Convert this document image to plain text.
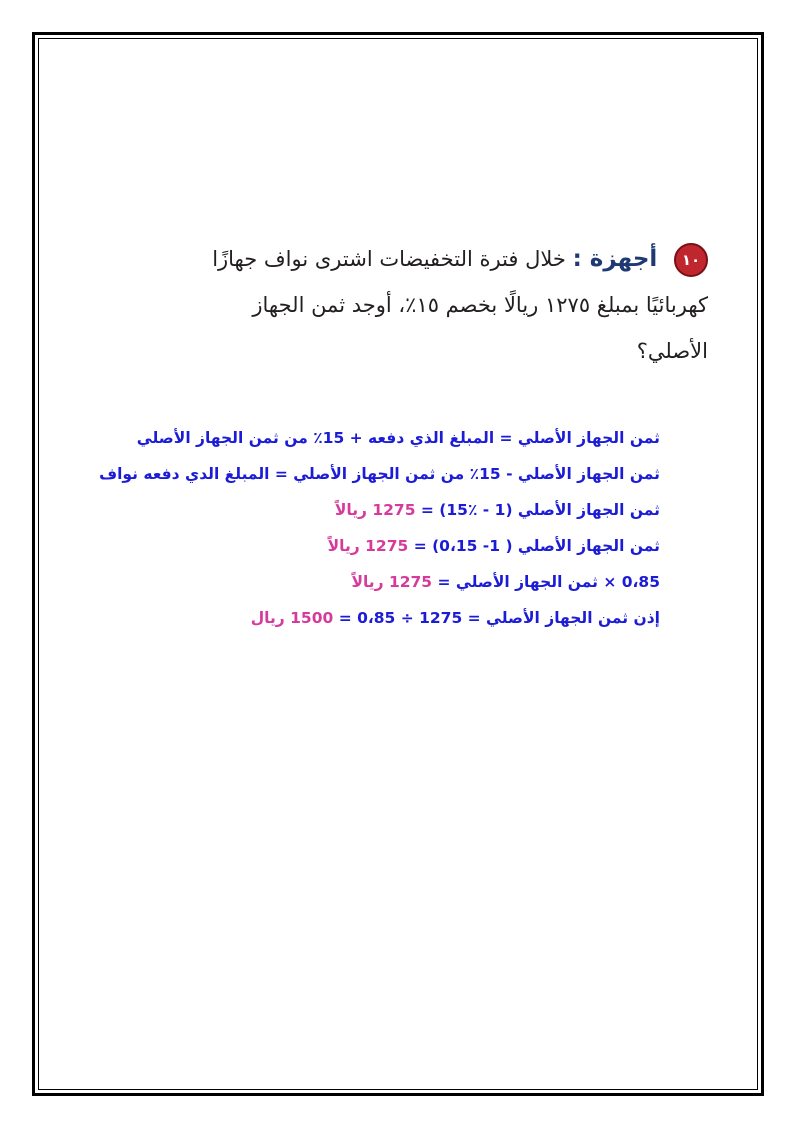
١٠ أجهزة : خلال فترة التخفيضات اشترى نواف جهازًا كهربائيًا بمبلغ ١٢٧٥ ريالًا بخصم ١٥٪، أوجد ثمن الجهاز الأصلي؟
ثمن الجهاز الأصلي = المبلغ الذي دفعه + 15٪ من ثمن الجهاز الأصلي
ثمن الجهاز الأصلي - 15٪ من ثمن الجهاز الأصلي = المبلغ الدي دفعه نواف
ثمن الجهاز الأصلي (1 - ٪15) = 1275 ريالاً
ثمن الجهاز الأصلي ( 1- 0،15) = 1275 ريالاً
0،85 × ثمن الجهاز الأصلي = 1275 ريالاً
إذن ثمن الجهاز الأصلي = 1275 ÷ 0،85 = 1500 ريال
